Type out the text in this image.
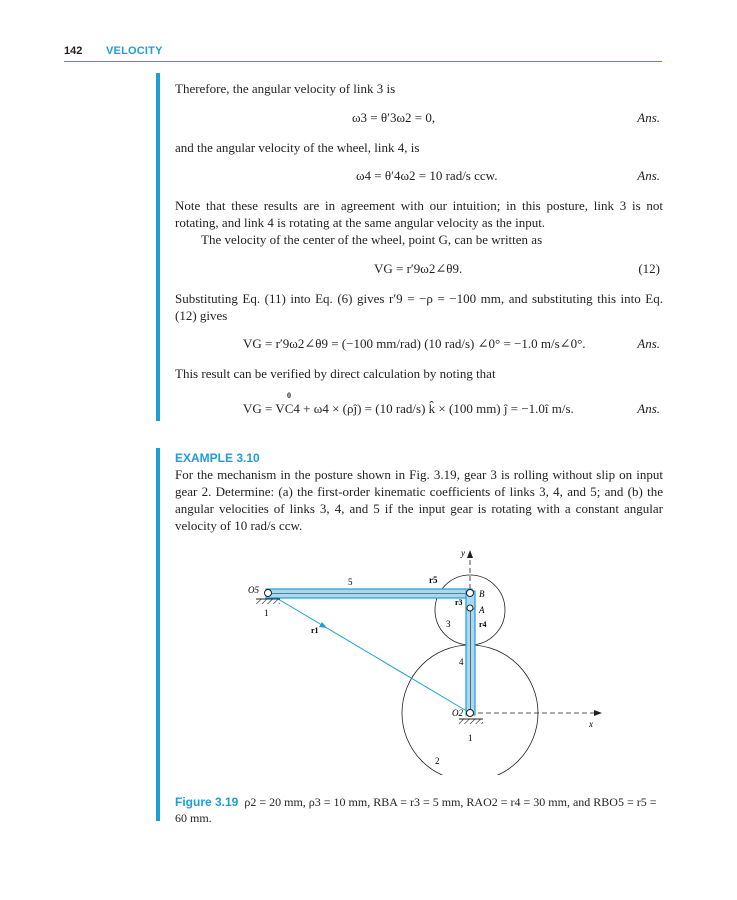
142 VELOCITY
Therefore, the angular velocity of link 3 is
ω3 = θ′3ω2 = 0,	Ans.
and the angular velocity of the wheel, link 4, is
ω4 = θ′4ω2 = 10 rad/s ccw.	Ans.
Note that these results are in agreement with our intuition; in this posture, link 3 is not rotating, and link 4 is rotating at the same angular velocity as the input.
The velocity of the center of the wheel, point G, can be written as
VG = r′9ω2∠θ9.	(12)
Substituting Eq. (11) into Eq. (6) gives r′9 = −ρ = −100 mm, and substituting this into Eq. (12) gives
VG = r′9ω2∠θ9 = (−100 mm/rad) (10 rad/s) ∠0° = −1.0 m/s∠0°.	Ans.
This result can be verified by direct calculation by noting that
0
VG = VC4 + ω4 × (ρĵ) = (10 rad/s) k̂ × (100 mm) ĵ = −1.0î m/s.	Ans.
EXAMPLE 3.10
For the mechanism in the posture shown in Fig. 3.19, gear 3 is rolling without slip on input gear 2. Determine: (a) the first-order kinematic coefficients of links 3, 4, and 5; and (b) the angular velocities of links 3, 4, and 5 if the input gear is rotating with a constant angular velocity of 10 rad/s ccw.
y
x
O5
5	r5
B
r3
A
r4
3
4
1
r1
O2
1
2
Figure 3.19 ρ2 = 20 mm, ρ3 = 10 mm, RBA = r3 = 5 mm, RAO2 = r4 = 30 mm, and RBO5 = r5 = 60 mm.
